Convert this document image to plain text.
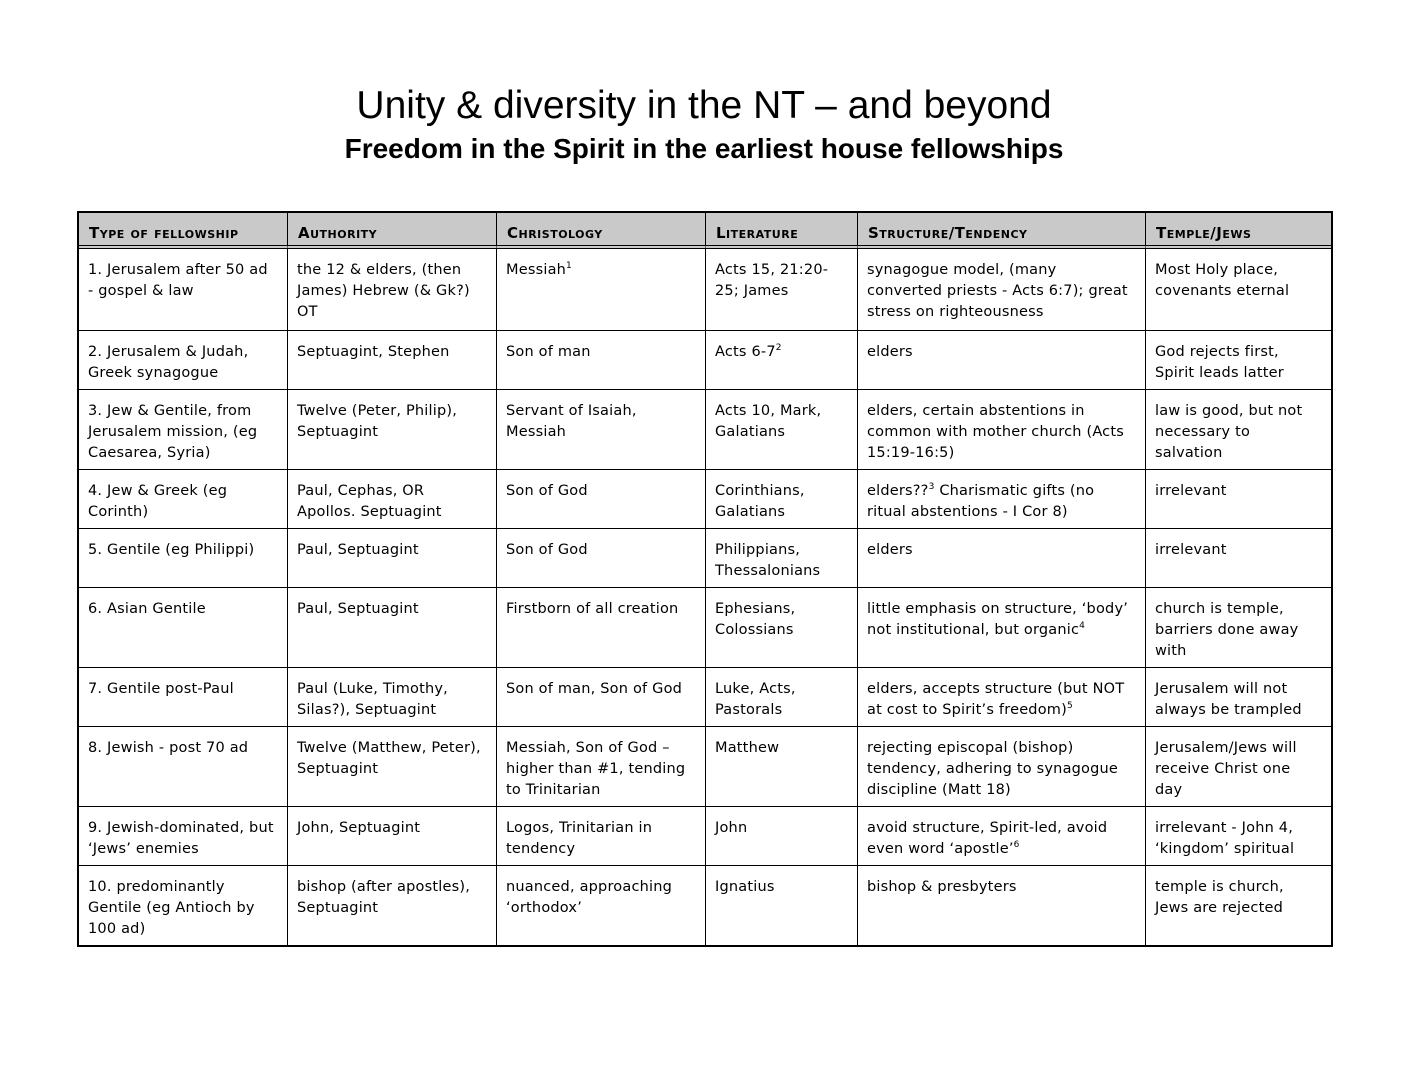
Unity & diversity in the NT – and beyond
Freedom in the Spirit in the earliest house fellowships
Type of fellowship	Authority	Christology	Literature	Structure/Tendency	Temple/Jews
1. Jerusalem after 50 ad - gospel & law	the 12 & elders, (then James) Hebrew (& Gk?) OT	Messiah$^1$	Acts 15, 21:20-25; James	synagogue model, (many converted priests - Acts 6:7); great stress on righteousness	Most Holy place, covenants eternal
2. Jerusalem & Judah, Greek synagogue	Septuagint, Stephen	Son of man	Acts $6-7^2$	elders	God rejects first, Spirit leads latter
3. Jew & Gentile, from Jerusalem mission, (eg Caesarea, Syria)	Twelve (Peter, Philip), Septuagint	Servant of Isaiah, Messiah	Acts 10, Mark, Galatians	elders, certain abstentions in common with mother church (Acts 15:19-16:5)	law is good, but not necessary to salvation
4. Jew & Greek (eg Corinth)	Paul, Cephas, OR Apollos. Septuagint	Son of God	Corinthians, Galatians	elders??$^3$ Charismatic gifts (no ritual abstentions - I Cor 8)	irrelevant
5. Gentile (eg Philippi)	Paul, Septuagint	Son of God	Philippians, Thessalonians	elders	irrelevant
6. Asian Gentile	Paul, Septuagint	Firstborn of all creation	Ephesians, Colossians	little emphasis on structure, ‘body’ not institutional, but organic$^4$	church is temple, barriers done away with
7. Gentile post-Paul	Paul (Luke, Timothy, Silas?), Septuagint	Son of man, Son of God	Luke, Acts, Pastorals	elders, accepts structure (but NOT at cost to Spirit’s freedom)$^5$	Jerusalem will not always be trampled
8. Jewish - post 70 ad	Twelve (Matthew, Peter), Septuagint	Messiah, Son of God – higher than #1, tending to Trinitarian	Matthew	rejecting episcopal (bishop) tendency, adhering to synagogue discipline (Matt 18)	Jerusalem/Jews will receive Christ one day
9. Jewish-dominated, but ‘Jews’ enemies	John, Septuagint	Logos, Trinitarian in tendency	John	avoid structure, Spirit-led, avoid even word ‘apostle’$^6$	irrelevant - John 4, ‘kingdom’ spiritual
10. predominantly Gentile (eg Antioch by 100 ad)	bishop (after apostles), Septuagint	nuanced, approaching ‘orthodox’	Ignatius	bishop & presbyters	temple is church, Jews are rejected
